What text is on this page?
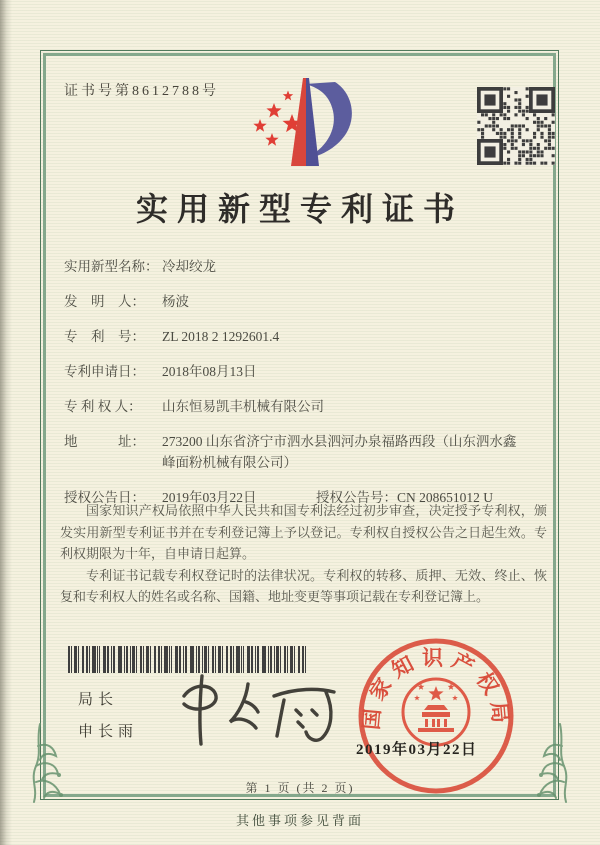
证书号第8612788号
实用新型专利证书
实用新型名称： 冷却绞龙
发　明　人：	杨波
专　利　号：	ZL 2018 2 1292601.4
专利申请日：	2018年08月13日
专 利 权 人：	山东恒易凯丰机械有限公司
地　　　址：	273200 山东省济宁市泗水县泗河办泉福路西段（山东泗水鑫峰面粉机械有限公司）
授权公告日：	2019年03月22日	授权公告号： CN 208651012 U

国家知识产权局依照中华人民共和国专利法经过初步审查，决定授予专利权，颁发实用新型专利证书并在专利登记簿上予以登记。专利权自授权公告之日起生效。专利权期限为十年，自申请日起算。

专利证书记载专利权登记时的法律状况。专利权的转移、质押、无效、终止、恢复和专利权人的姓名或名称、国籍、地址变更等事项记载在专利登记簿上。

局长
申长雨
国家知识产权局
2019年03月22日
第 1 页 (共 2 页)
其他事项参见背面
